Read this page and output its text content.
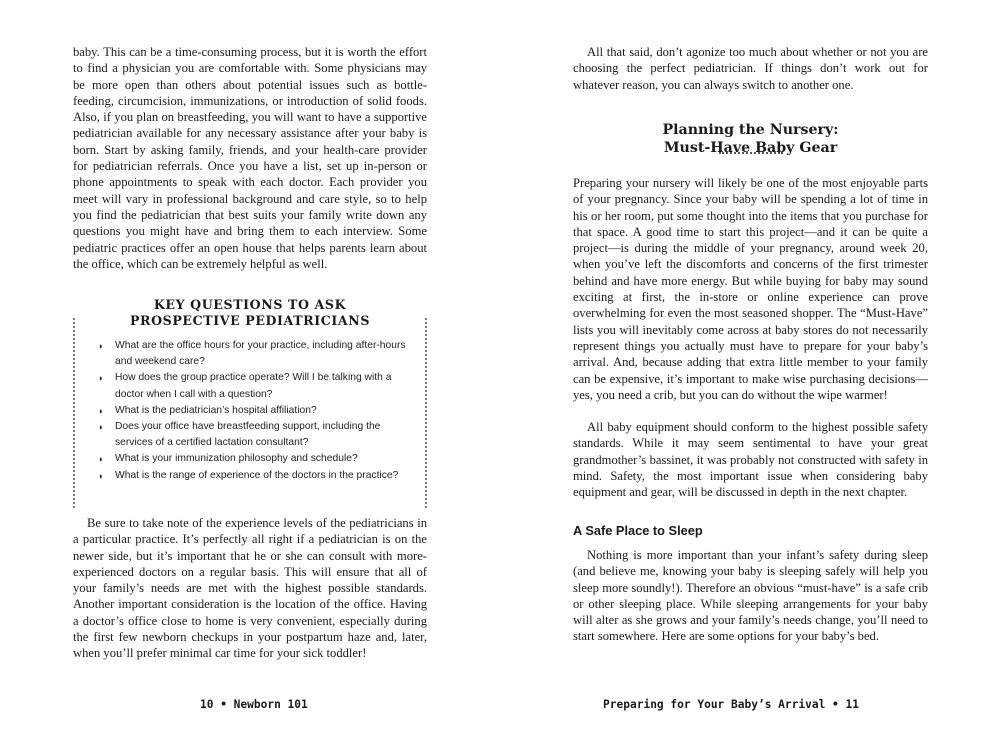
baby. This can be a time-consuming process, but it is worth the effort to find a physician you are comfortable with. Some physicians may be more open than others about potential issues such as bottle-feeding, circumcision, immunizations, or introduction of solid foods. Also, if you plan on breastfeeding, you will want to have a supportive pediatrician available for any necessary assistance after your baby is born. Start by asking family, friends, and your health-care provider for pediatrician referrals. Once you have a list, set up in-person or phone appointments to speak with each doctor. Each provider you meet will vary in professional background and care style, so to help you find the pediatrician that best suits your family write down any questions you might have and bring them to each interview. Some pediatric practices offer an open house that helps parents learn about the office, which can be extremely helpful as well.

KEY QUESTIONS TO ASK
PROSPECTIVE PEDIATRICIANS
◗ What are the office hours for your practice, including after-hours and weekend care?
◗ How does the group practice operate? Will I be talking with a doctor when I call with a question?
◗ What is the pediatrician’s hospital affiliation?
◗ Does your office have breastfeeding support, including the services of a certified lactation consultant?
◗ What is your immunization philosophy and schedule?
◗ What is the range of experience of the doctors in the practice?

Be sure to take note of the experience levels of the pediatricians in a particular practice. It’s perfectly all right if a pediatrician is on the newer side, but it’s important that he or she can consult with more-experienced doctors on a regular basis. This will ensure that all of your family’s needs are met with the highest possible standards. Another important consideration is the location of the office. Having a doctor’s office close to home is very convenient, especially during the first few newborn checkups in your postpartum haze and, later, when you’ll prefer minimal car time for your sick toddler!

10 • Newborn 101

All that said, don’t agonize too much about whether or not you are choosing the perfect pediatrician. If things don’t work out for whatever reason, you can always switch to another one.

Preparing for Your Baby’s Arrival • 11
Planning the Nursery:
Must-Have Baby Gear

Preparing your nursery will likely be one of the most enjoyable parts of your pregnancy. Since your baby will be spending a lot of time in his or her room, put some thought into the items that you purchase for that space. A good time to start this project—and it can be quite a project—is during the middle of your pregnancy, around week 20, when you’ve left the discomforts and concerns of the first trimester behind and have more energy. But while buying for baby may sound exciting at first, the in-store or online experience can prove overwhelming for even the most seasoned shopper. The “Must-Have” lists you will inevitably come across at baby stores do not necessarily represent things you actually must have to prepare for your baby’s arrival. And, because adding that extra little member to your family can be expensive, it’s important to make wise purchasing decisions—yes, you need a crib, but you can do without the wipe warmer!

All baby equipment should conform to the highest possible safety standards. While it may seem sentimental to have your great grandmother’s bassinet, it was probably not constructed with safety in mind. Safety, the most important issue when considering baby equipment and gear, will be discussed in depth in the next chapter.

A Safe Place to Sleep

Nothing is more important than your infant’s safety during sleep (and believe me, knowing your baby is sleeping safely will help you sleep more soundly!). Therefore an obvious “must-have” is a safe crib or other sleeping place. While sleeping arrangements for your baby will alter as she grows and your family’s needs change, you’ll need to start somewhere. Here are some options for your baby’s bed.
